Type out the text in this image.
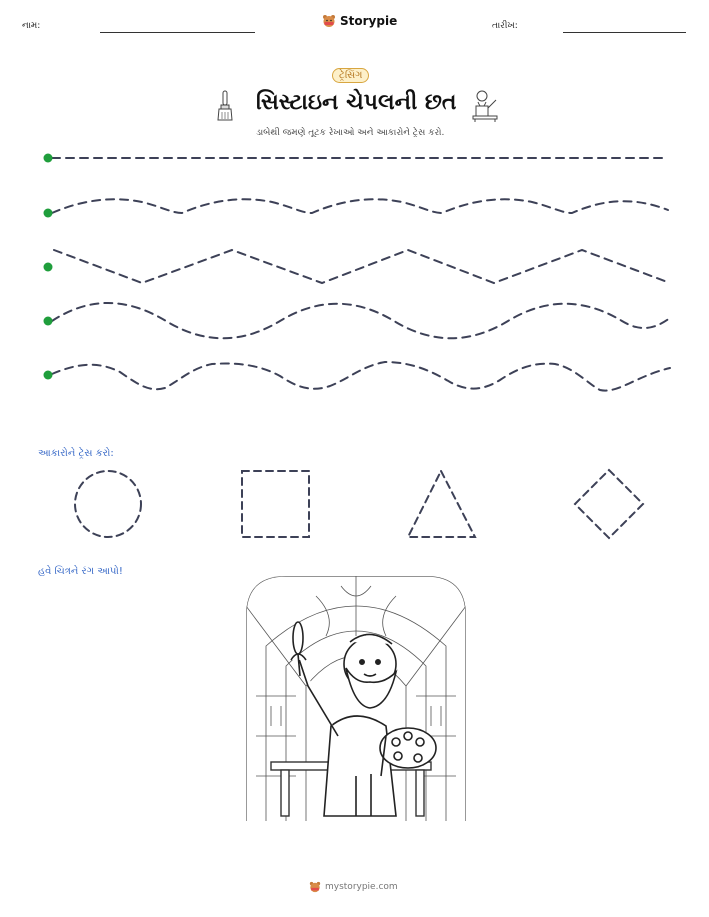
નામ:	Storypie	તારીખ:
ટ્રેસિંગ
સિસ્ટાઇન ચેપલની છત
ડાબેથી જમણે તૂટક રેખાઓ અને આકારોને ટ્રેસ કરો.
આકારોને ટ્રેસ કરો:
હવે ચિત્રને રંગ આપો!
mystorypie.com
